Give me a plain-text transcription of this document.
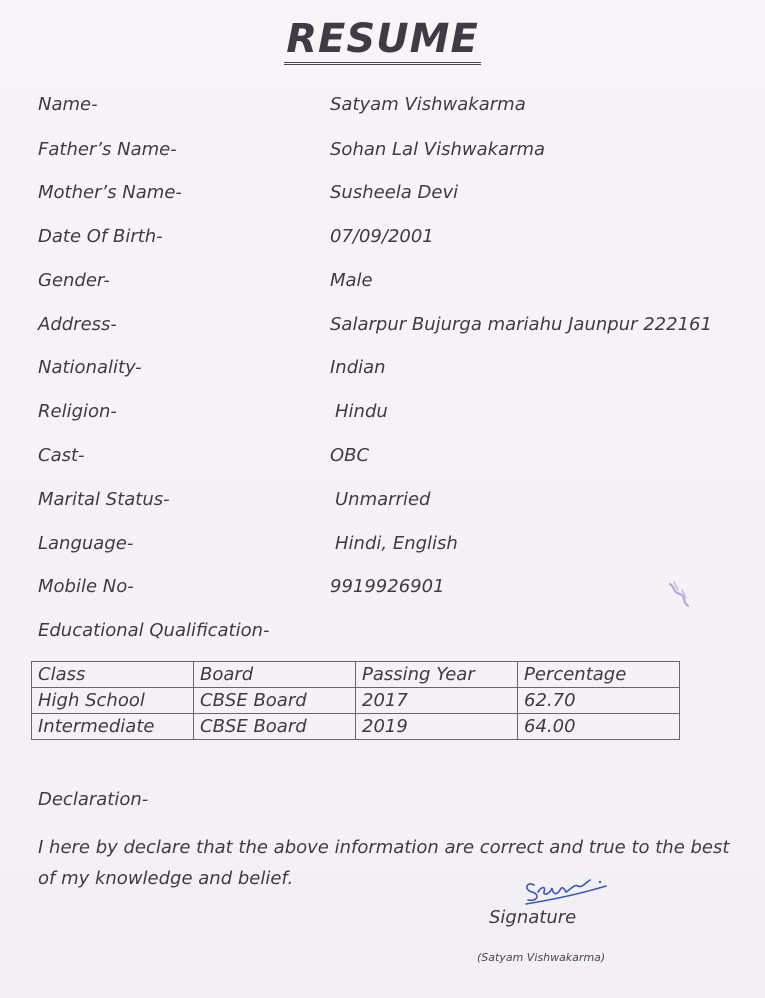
RESUME
Name-	Satyam Vishwakarma
Father’s Name-	Sohan Lal Vishwakarma
Mother’s Name-	Susheela Devi
Date Of Birth-	07/09/2001
Gender-	Male
Address-	Salarpur Bujurga mariahu Jaunpur 222161
Nationality-	Indian
Religion-	Hindu
Cast-	OBC
Marital Status-	Unmarried
Language-	Hindi, English
Mobile No-	9919926901
Educational Qualification-
Class	Board	Passing Year	Percentage
High School	CBSE Board	2017	62.70
Intermediate	CBSE Board	2019	64.00
Declaration-
I here by declare that the above information are correct and true to the best of my knowledge and belief.
Signature
(Satyam Vishwakarma)
